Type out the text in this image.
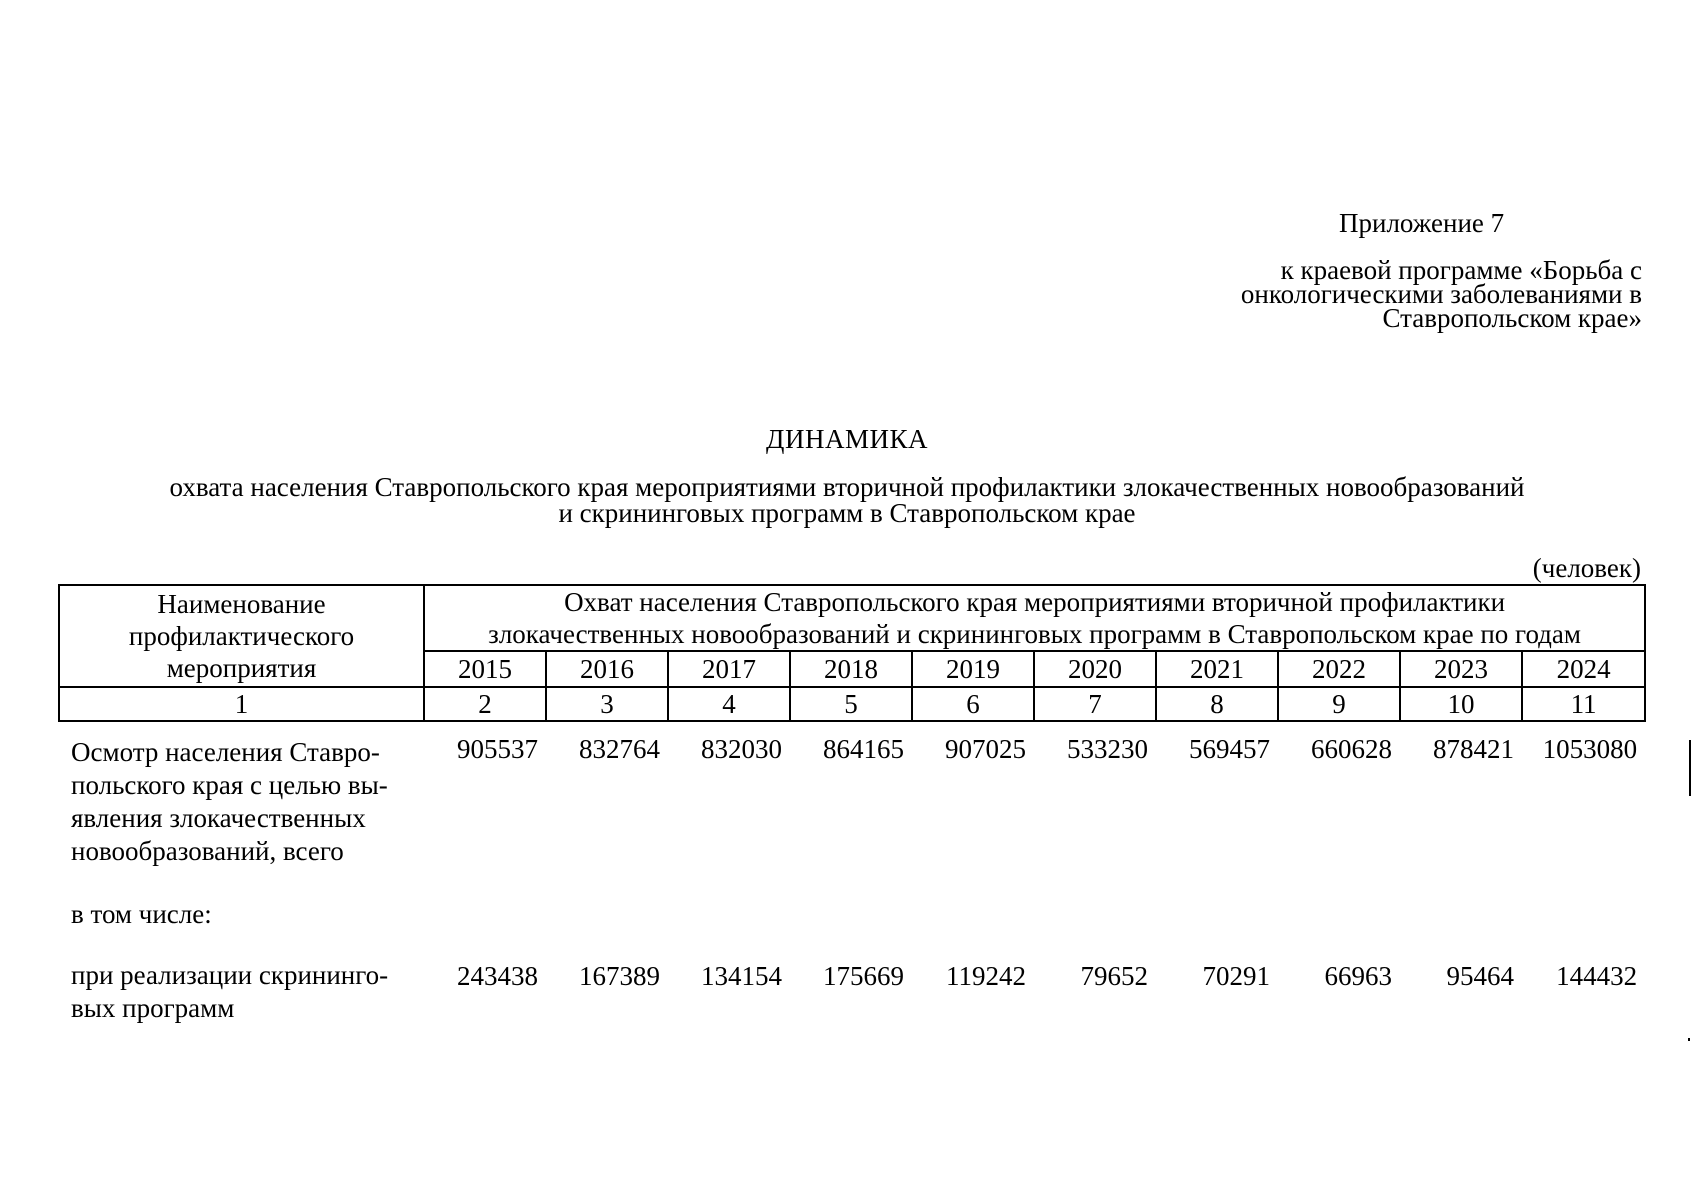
Приложение 7
к краевой программе «Борьба с онкологическими заболеваниями в Ставропольском крае»
ДИНАМИКА
охвата населения Ставропольского края мероприятиями вторичной профилактики злокачественных новообразований
и скрининговых программ в Ставропольском крае
(человек)
Наименование профилактического мероприятия	Охват населения Ставропольского края мероприятиями вторичной профилактики
злокачественных новообразований и скрининговых программ в Ставропольском крае по годам									

	2015	2016	2017	2018	2019	2020	2021	2022	2023	2024
1	2	3	4	5	6	7	8	9	10	11
Осмотр населения Ставро-польского края с целью вы-явления злокачественных новообразований, всего	905537	832764	832030	864165	907025	533230	569457	660628	878421	1053080
в том числе:										
при реализации скрининго-вых программ	243438	167389	134154	175669	119242	79652	70291	66963	95464	144432
